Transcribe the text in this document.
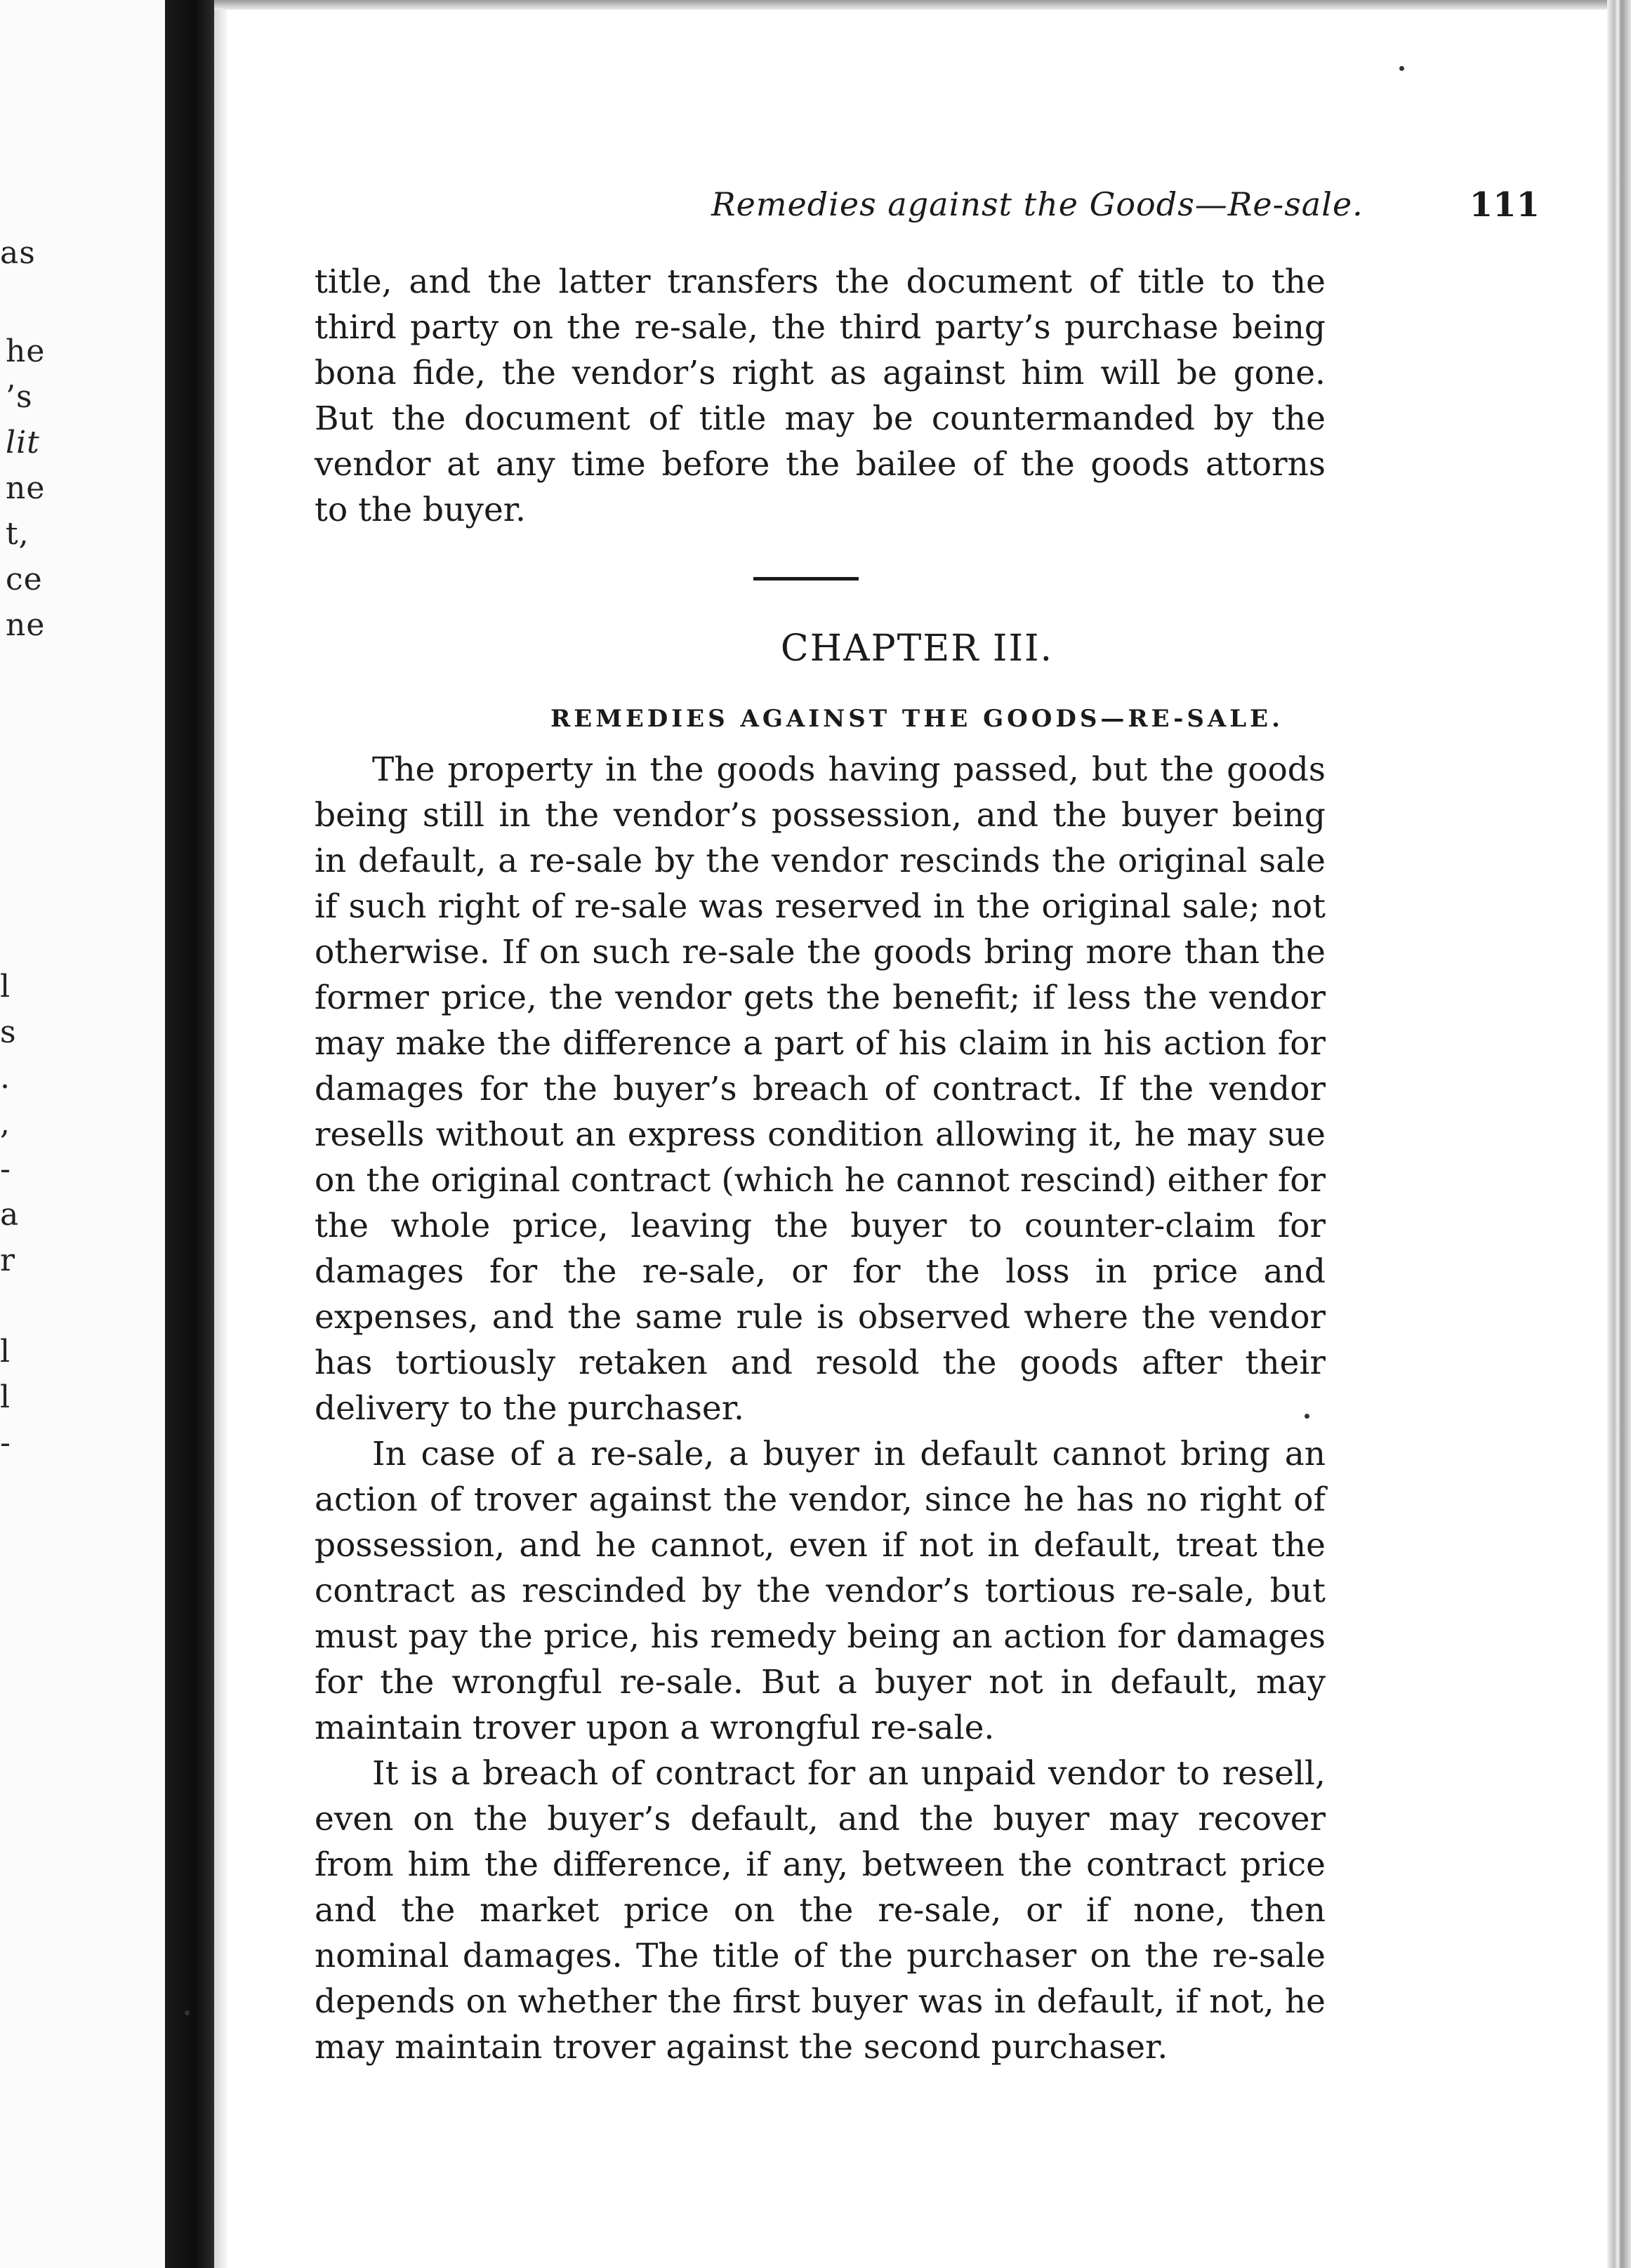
as
he
’s
lit
ne
t,
ce
ne
l
s
.
,
-
a
r
l
l
-
Remedies against the Goods—Re-sale.	111
title, and the latter transfers the document of title to the
third party on the re-sale, the third party’s purchase being
bona fide, the vendor’s right as against him will be gone.
But the document of title may be countermanded by the
vendor at any time before the bailee of the goods attorns
to the buyer.
CHAPTER III.
REMEDIES AGAINST THE GOODS—RE-SALE.

The property in the goods having passed, but the goods being still in the vendor’s possession, and the buyer being in default, a re-sale by the vendor rescinds the original sale if such right of re-sale was reserved in the original sale; not otherwise. If on such re-sale the goods bring more than the former price, the vendor gets the benefit; if less the vendor may make the difference a part of his claim in his action for damages for the buyer’s breach of contract. If the vendor resells without an express condition allowing it, he may sue on the original contract (which he cannot rescind) either for the whole price, leaving the buyer to counter-claim for damages for the re-sale, or for the loss in price and expenses, and the same rule is observed where the vendor has tortiously retaken and resold the goods after their delivery to the purchaser.

In case of a re-sale, a buyer in default cannot bring an action of trover against the vendor, since he has no right of possession, and he cannot, even if not in default, treat the contract as rescinded by the vendor’s tortious re-sale, but must pay the price, his remedy being an action for damages for the wrongful re-sale. But a buyer not in default, may maintain trover upon a wrongful re-sale.

It is a breach of contract for an unpaid vendor to resell, even on the buyer’s default, and the buyer may recover from him the difference, if any, between the contract price and the market price on the re-sale, or if none, then nominal damages. The title of the purchaser on the re-sale depends on whether the first buyer was in default, if not, he may maintain trover against the second purchaser.
